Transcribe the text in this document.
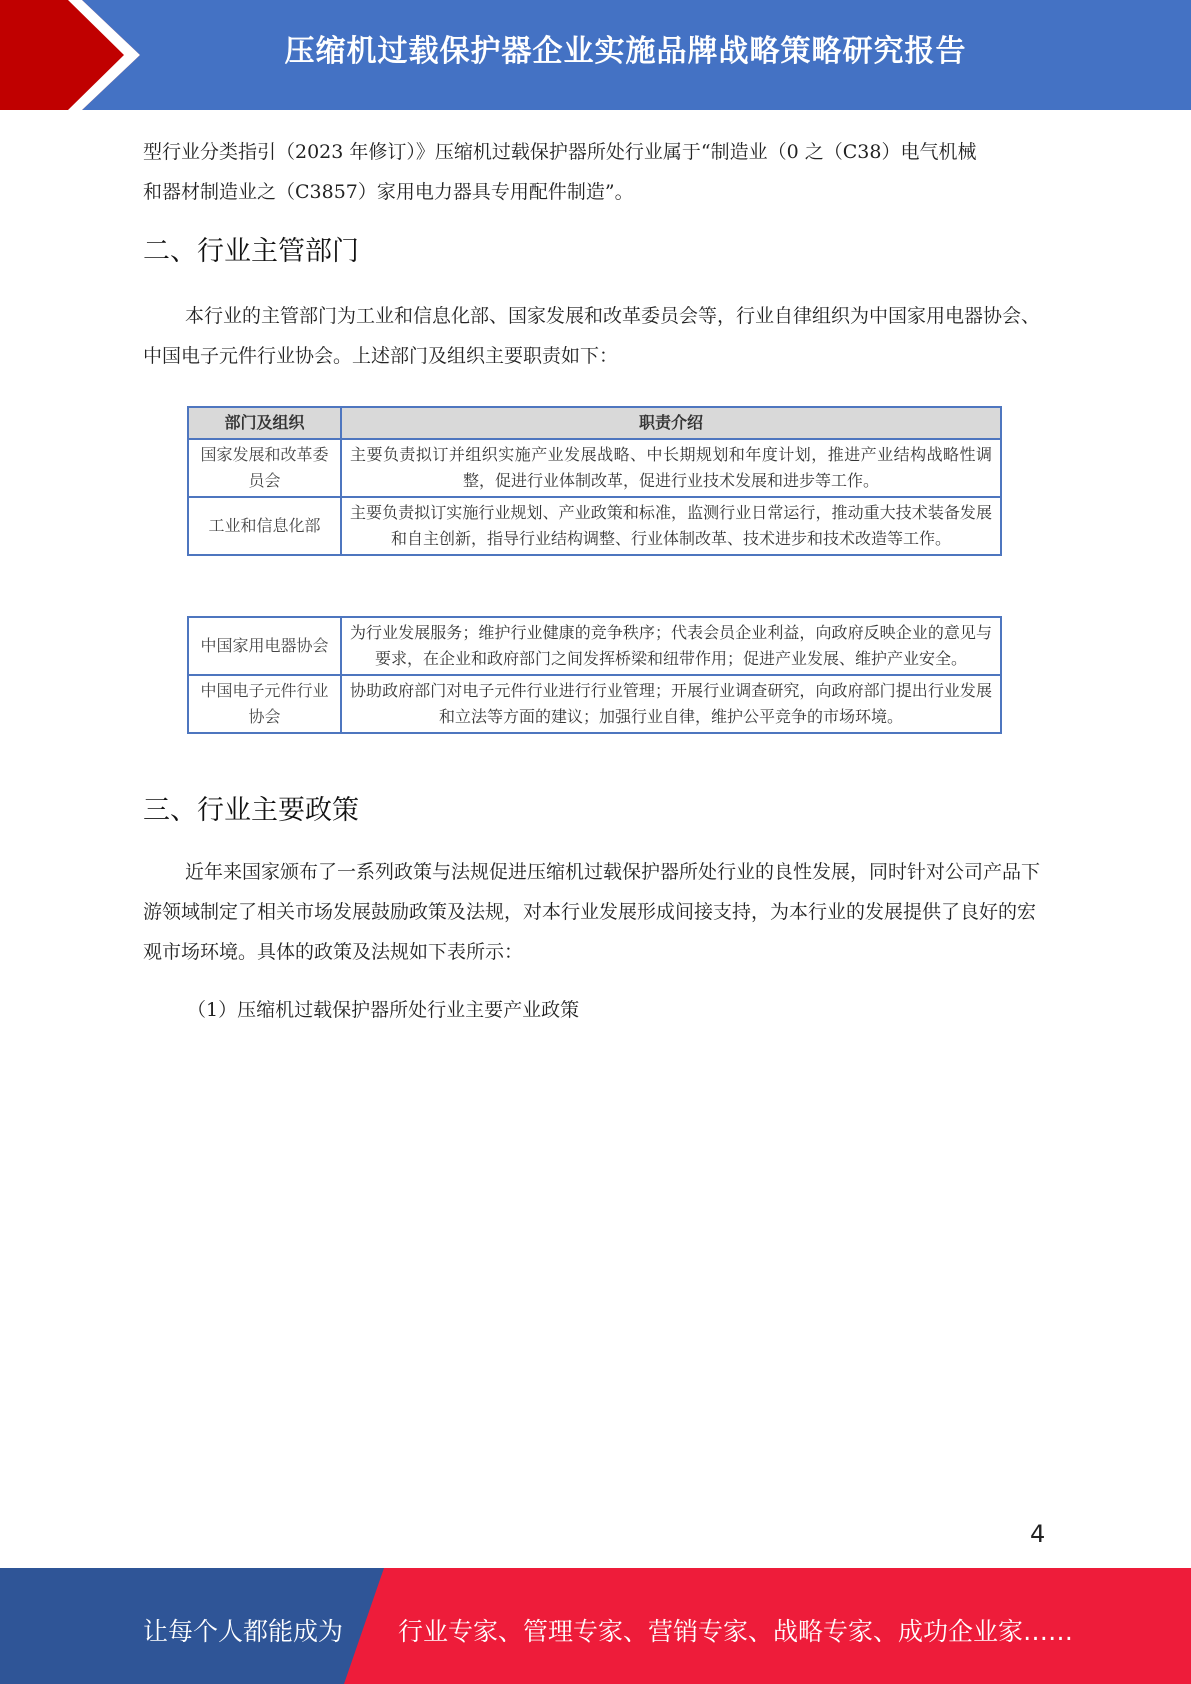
压缩机过载保护器企业实施品牌战略策略研究报告
型行业分类指引（2023 年修订）》压缩机过载保护器所处行业属于“制造业（0 之（C38）电气机械
和器材制造业之（C3857）家用电力器具专用配件制造”。
二、行业主管部门
本行业的主管部门为工业和信息化部、国家发展和改革委员会等，行业自律组织为中国家用电器协会、中国电子元件行业协会。上述部门及组织主要职责如下：
部门及组织	职责介绍
国家发展和改革委员会	主要负责拟订并组织实施产业发展战略、中长期规划和年度计划，推进产业结构战略性调整，促进行业体制改革，促进行业技术发展和进步等工作。
工业和信息化部	主要负责拟订实施行业规划、产业政策和标准，监测行业日常运行，推动重大技术装备发展和自主创新，指导行业结构调整、行业体制改革、技术进步和技术改造等工作。
中国家用电器协会	为行业发展服务；维护行业健康的竞争秩序；代表会员企业利益，向政府反映企业的意见与要求，在企业和政府部门之间发挥桥梁和纽带作用；促进产业发展、维护产业安全。
中国电子元件行业协会	协助政府部门对电子元件行业进行行业管理；开展行业调查研究，向政府部门提出行业发展和立法等方面的建议；加强行业自律，维护公平竞争的市场环境。
三、行业主要政策
近年来国家颁布了一系列政策与法规促进压缩机过载保护器所处行业的良性发展，同时针对公司产品下游领域制定了相关市场发展鼓励政策及法规，对本行业发展形成间接支持，为本行业的发展提供了良好的宏观市场环境。具体的政策及法规如下表所示：
（1）压缩机过载保护器所处行业主要产业政策
4
让每个人都能成为 行业专家、管理专家、营销专家、战略专家、成功企业家……
